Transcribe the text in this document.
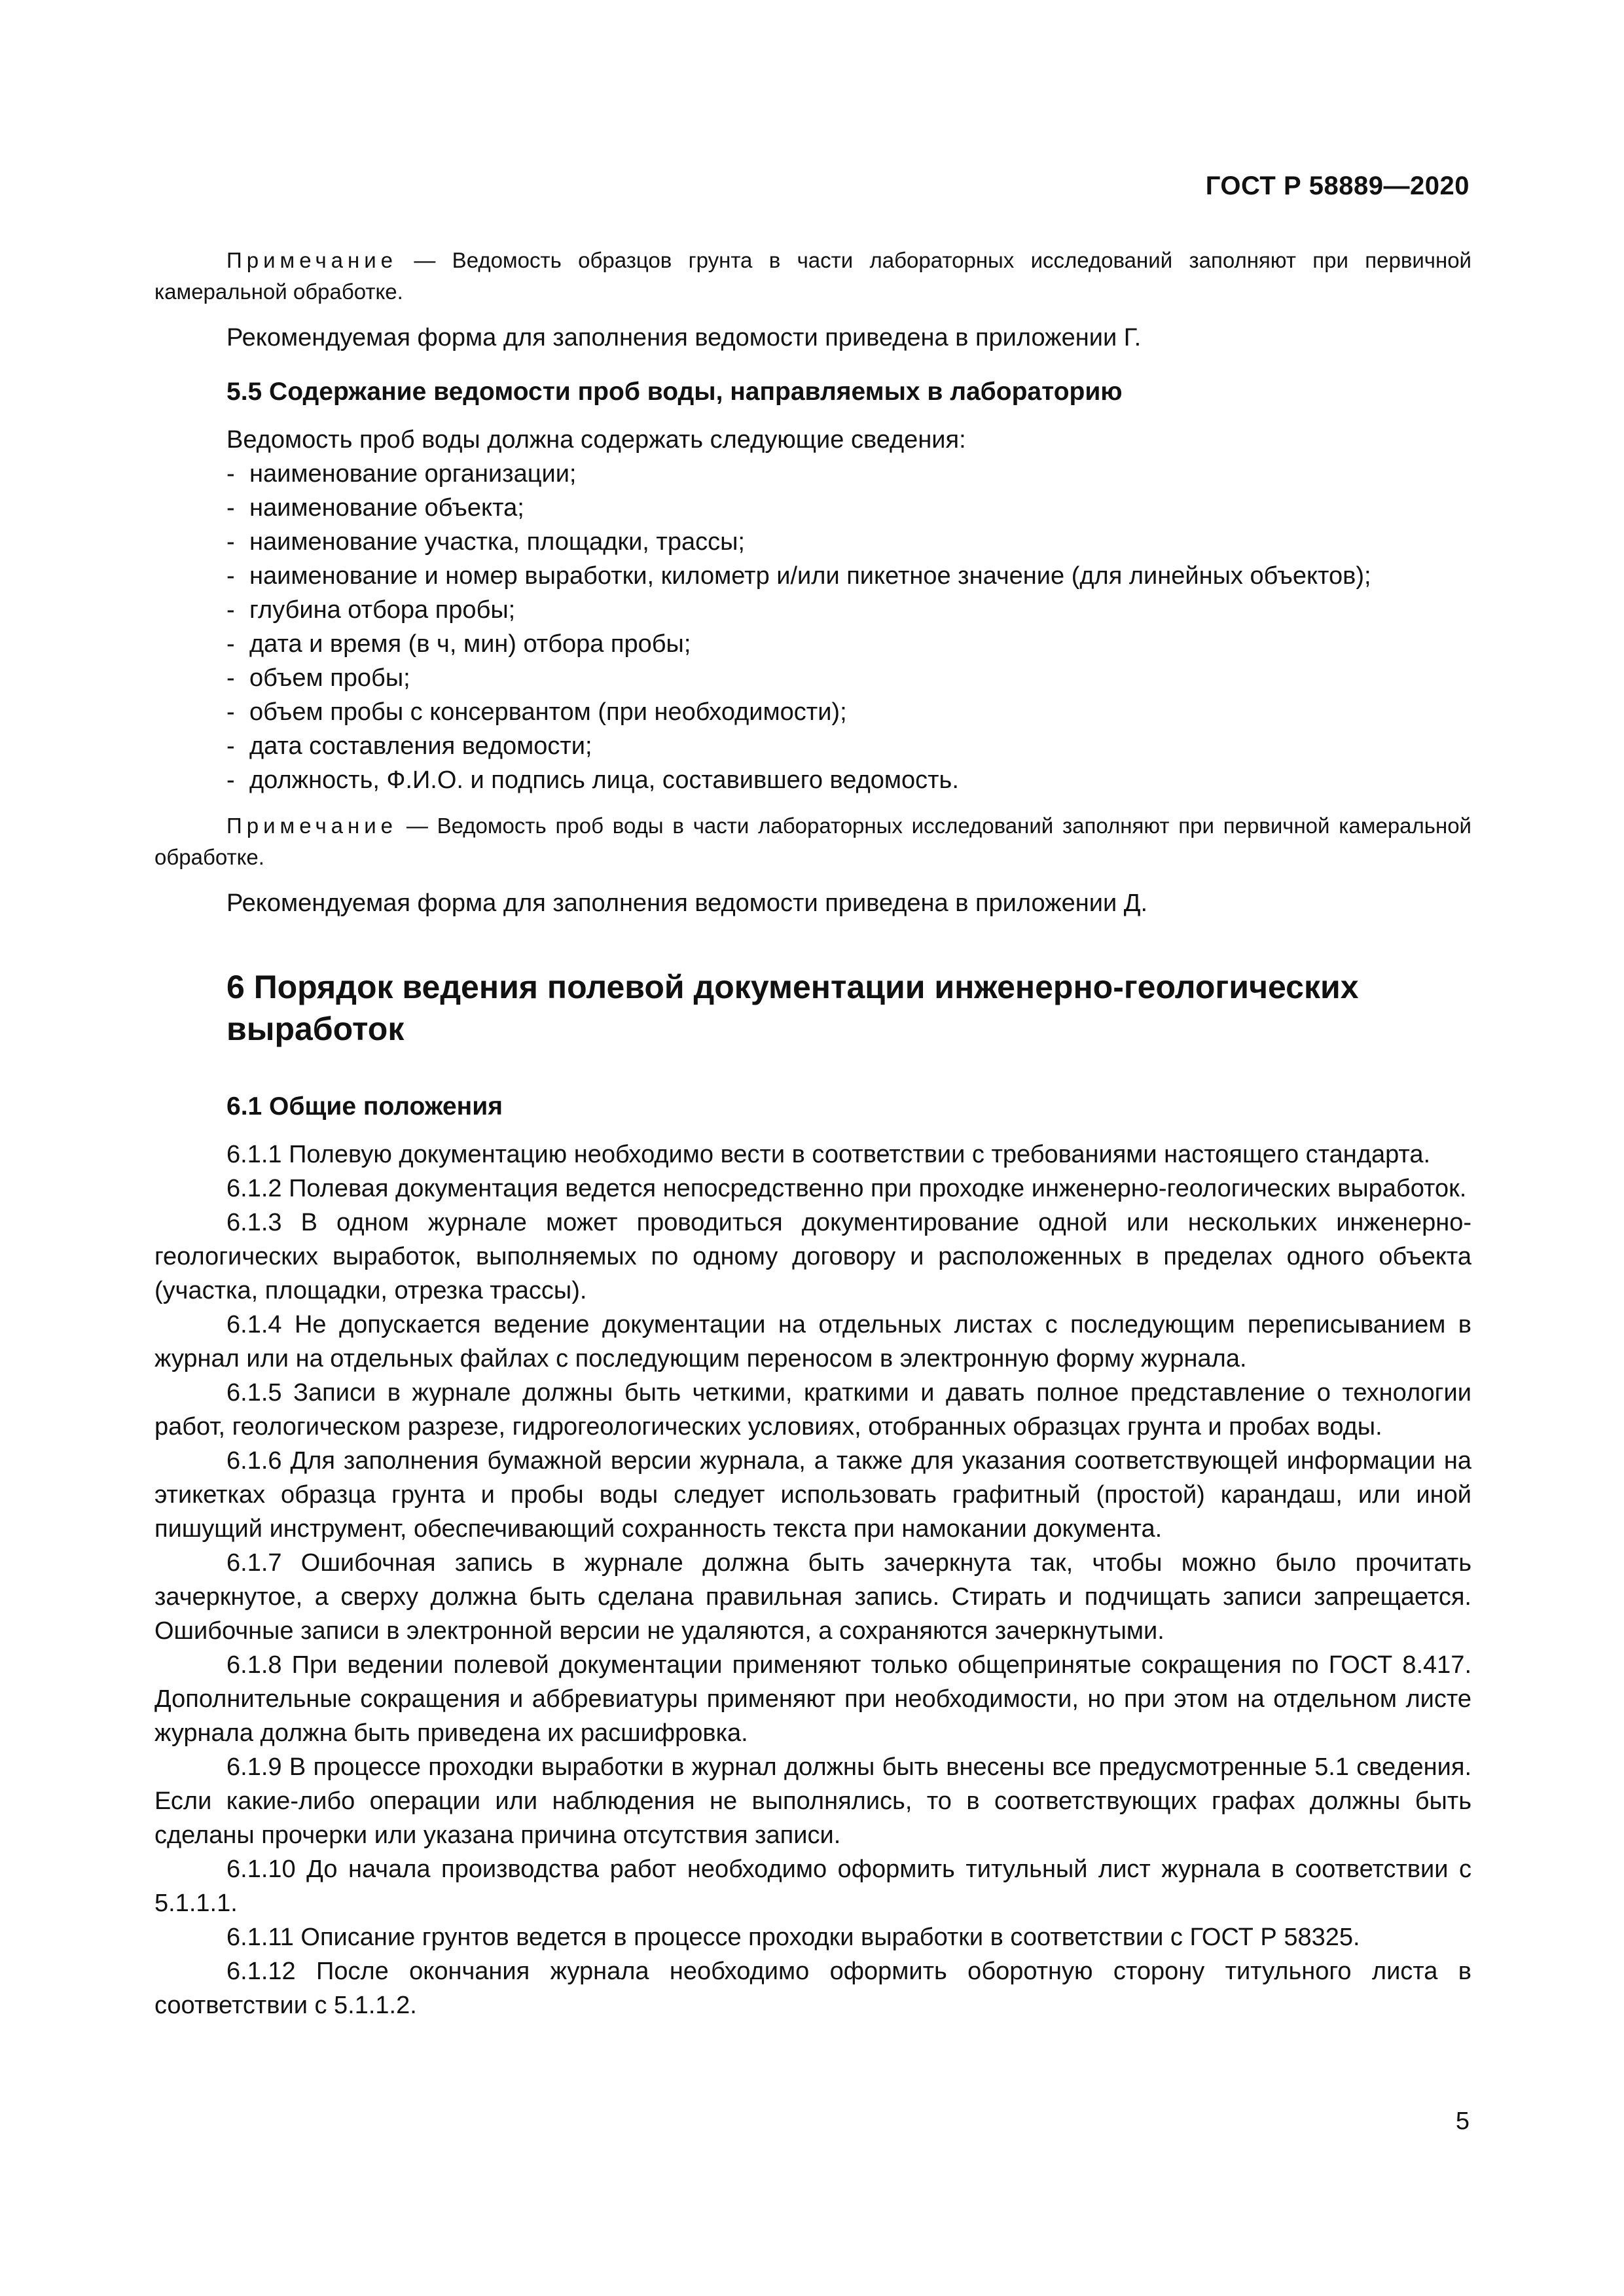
ГОСТ Р 58889—2020

Примечание — Ведомость образцов грунта в части лабораторных исследований заполняют при первичной камеральной обработке.

Рекомендуемая форма для заполнения ведомости приведена в приложении Г.

5.5 Содержание ведомости проб воды, направляемых в лабораторию

Ведомость проб воды должна содержать следующие сведения:

- наименование организации;
- наименование объекта;
- наименование участка, площадки, трассы;
- наименование и номер выработки, километр и/или пикетное значение (для линейных объектов);
- глубина отбора пробы;
- дата и время (в ч, мин) отбора пробы;
- объем пробы;
- объем пробы с консервантом (при необходимости);
- дата составления ведомости;
- должность, Ф.И.О. и подпись лица, составившего ведомость.

Примечание — Ведомость проб воды в части лабораторных исследований заполняют при первичной камеральной обработке.

Рекомендуемая форма для заполнения ведомости приведена в приложении Д.

6 Порядок ведения полевой документации инженерно-геологических выработок

6.1 Общие положения

6.1.1 Полевую документацию необходимо вести в соответствии с требованиями настоящего стандарта.

6.1.2 Полевая документация ведется непосредственно при проходке инженерно-геологических выработок.

6.1.3 В одном журнале может проводиться документирование одной или нескольких инженерно-геологических выработок, выполняемых по одному договору и расположенных в пределах одного объекта (участка, площадки, отрезка трассы).

6.1.4 Не допускается ведение документации на отдельных листах с последующим переписыванием в журнал или на отдельных файлах с последующим переносом в электронную форму журнала.

6.1.5 Записи в журнале должны быть четкими, краткими и давать полное представление о технологии работ, геологическом разрезе, гидрогеологических условиях, отобранных образцах грунта и пробах воды.

6.1.6 Для заполнения бумажной версии журнала, а также для указания соответствующей информации на этикетках образца грунта и пробы воды следует использовать графитный (простой) карандаш, или иной пишущий инструмент, обеспечивающий сохранность текста при намокании документа.

6.1.7 Ошибочная запись в журнале должна быть зачеркнута так, чтобы можно было прочитать зачеркнутое, а сверху должна быть сделана правильная запись. Стирать и подчищать записи запрещается. Ошибочные записи в электронной версии не удаляются, а сохраняются зачеркнутыми.

6.1.8 При ведении полевой документации применяют только общепринятые сокращения по ГОСТ 8.417. Дополнительные сокращения и аббревиатуры применяют при необходимости, но при этом на отдельном листе журнала должна быть приведена их расшифровка.

6.1.9 В процессе проходки выработки в журнал должны быть внесены все предусмотренные 5.1 сведения. Если какие-либо операции или наблюдения не выполнялись, то в соответствующих графах должны быть сделаны прочерки или указана причина отсутствия записи.

6.1.10 До начала производства работ необходимо оформить титульный лист журнала в соответствии с 5.1.1.1.

6.1.11 Описание грунтов ведется в процессе проходки выработки в соответствии с ГОСТ Р 58325.

6.1.12 После окончания журнала необходимо оформить оборотную сторону титульного листа в соответствии с 5.1.1.2.

5
